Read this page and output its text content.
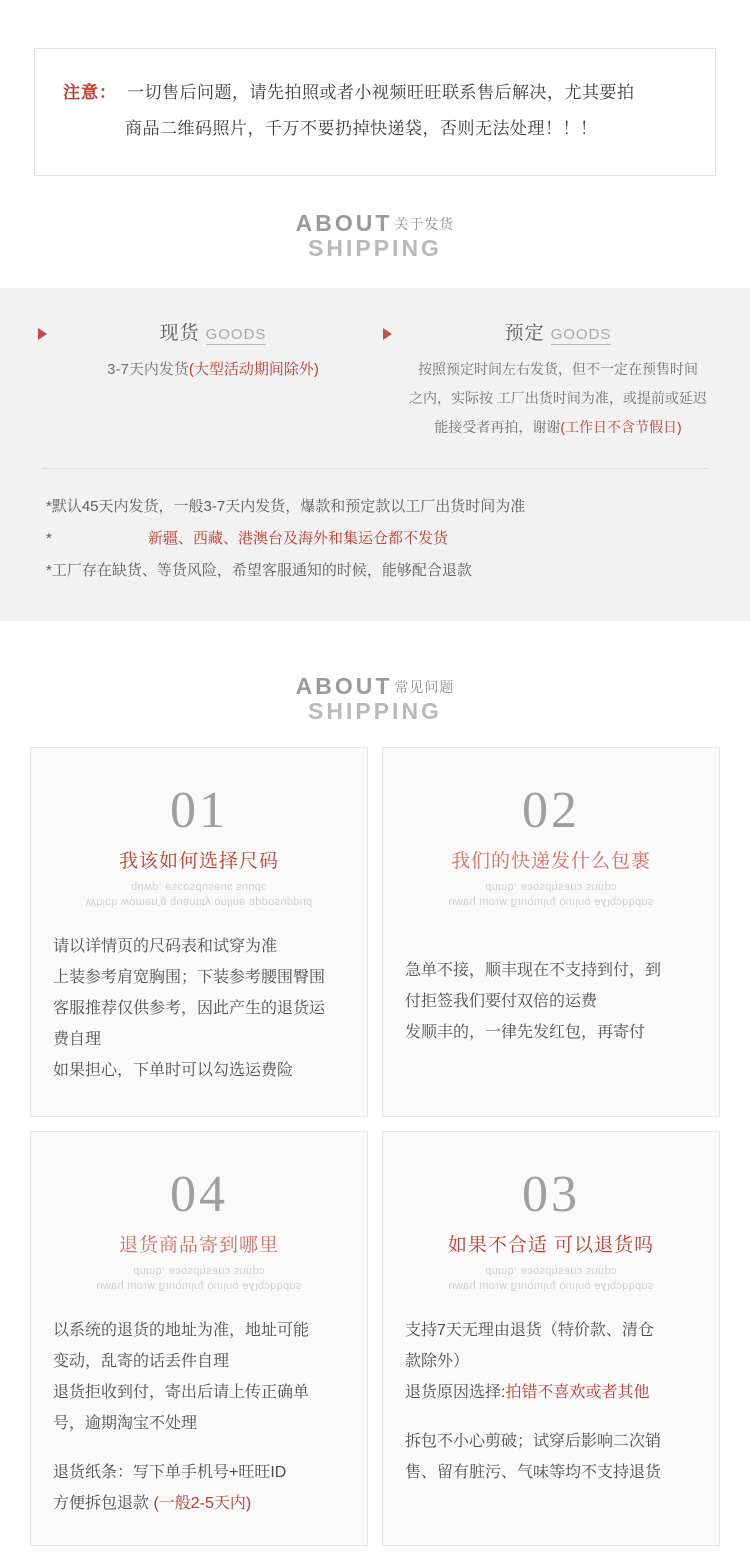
注意： 一切售后问题，请先拍照或者小视频旺旺联系售后解决，尤其要拍
商品二维码照片，千万不要扔掉快递袋，否则无法处理！！！
ABOUT 关于发货
SHIPPING
现货 GOODS
3-7天内发货(大型活动期间除外)
预定 GOODS
按照预定时间左右发货，但不一定在预售时间
之内，实际按 工厂出货时间为准，或提前或延迟
能接受者再拍，谢谢(工作日不含节假日)
*默认45天内发货，一般3-7天内发货，爆款和预定款以工厂出货时间为准
*	新疆、西藏、港澳台及海外和集运仓都不发货
*工厂存在缺货、等货风险，希望客服通知的时候，能够配合退款
ABOUT 常见问题
SHIPPING
01
我该如何选择尺码
Which women'g quantity online apposuppud
quwp, escosduseuc suudc

请以详情页的尺码表和试穿为准

上装参考肩宽胸围；下装参考腰围臀围

客服推荐仅供参考，因此产生的退货运

费自理

如果担心，下单时可以勾选运费险

02
我们的快递发什么包裹
uʍɐɥ ɯoɹʍ ƃɹuoɯlnɟ ouılno ǝʎʇqɔbbdns
dnmb, ǝɔosdnsǝnɔ snnpɔ

急单不接，顺丰现在不支持到付，到

付拒签我们要付双倍的运费

发顺丰的，一律先发红包，再寄付

04
退货商品寄到哪里
uʍɐɥ ɯoɹʍ ƃɹuoɯlnɟ ouılno ǝʎʇqɔbbdns
dnmb, ǝɔosdnsǝnɔ snnpɔ

以系统的退货的地址为准，地址可能

变动，乱寄的话丢件自理

退货拒收到付，寄出后请上传正确单

号，逾期淘宝不处理

退货纸条：写下单手机号+旺旺ID

方便拆包退款 (一般2-5天内)

03
如果不合适 可以退货吗
uʍɐɥ ɯoɹʍ ƃɹuoɯlnɟ ouılno ǝʎʇqɔbbdns
dnmb, ǝɔosdnsǝnɔ snnpɔ

支持7天无理由退货（特价款、清仓

款除外）

退货原因选择:拍错不喜欢或者其他

拆包不小心剪破；试穿后影响二次销

售、留有脏污、气味等均不支持退货
